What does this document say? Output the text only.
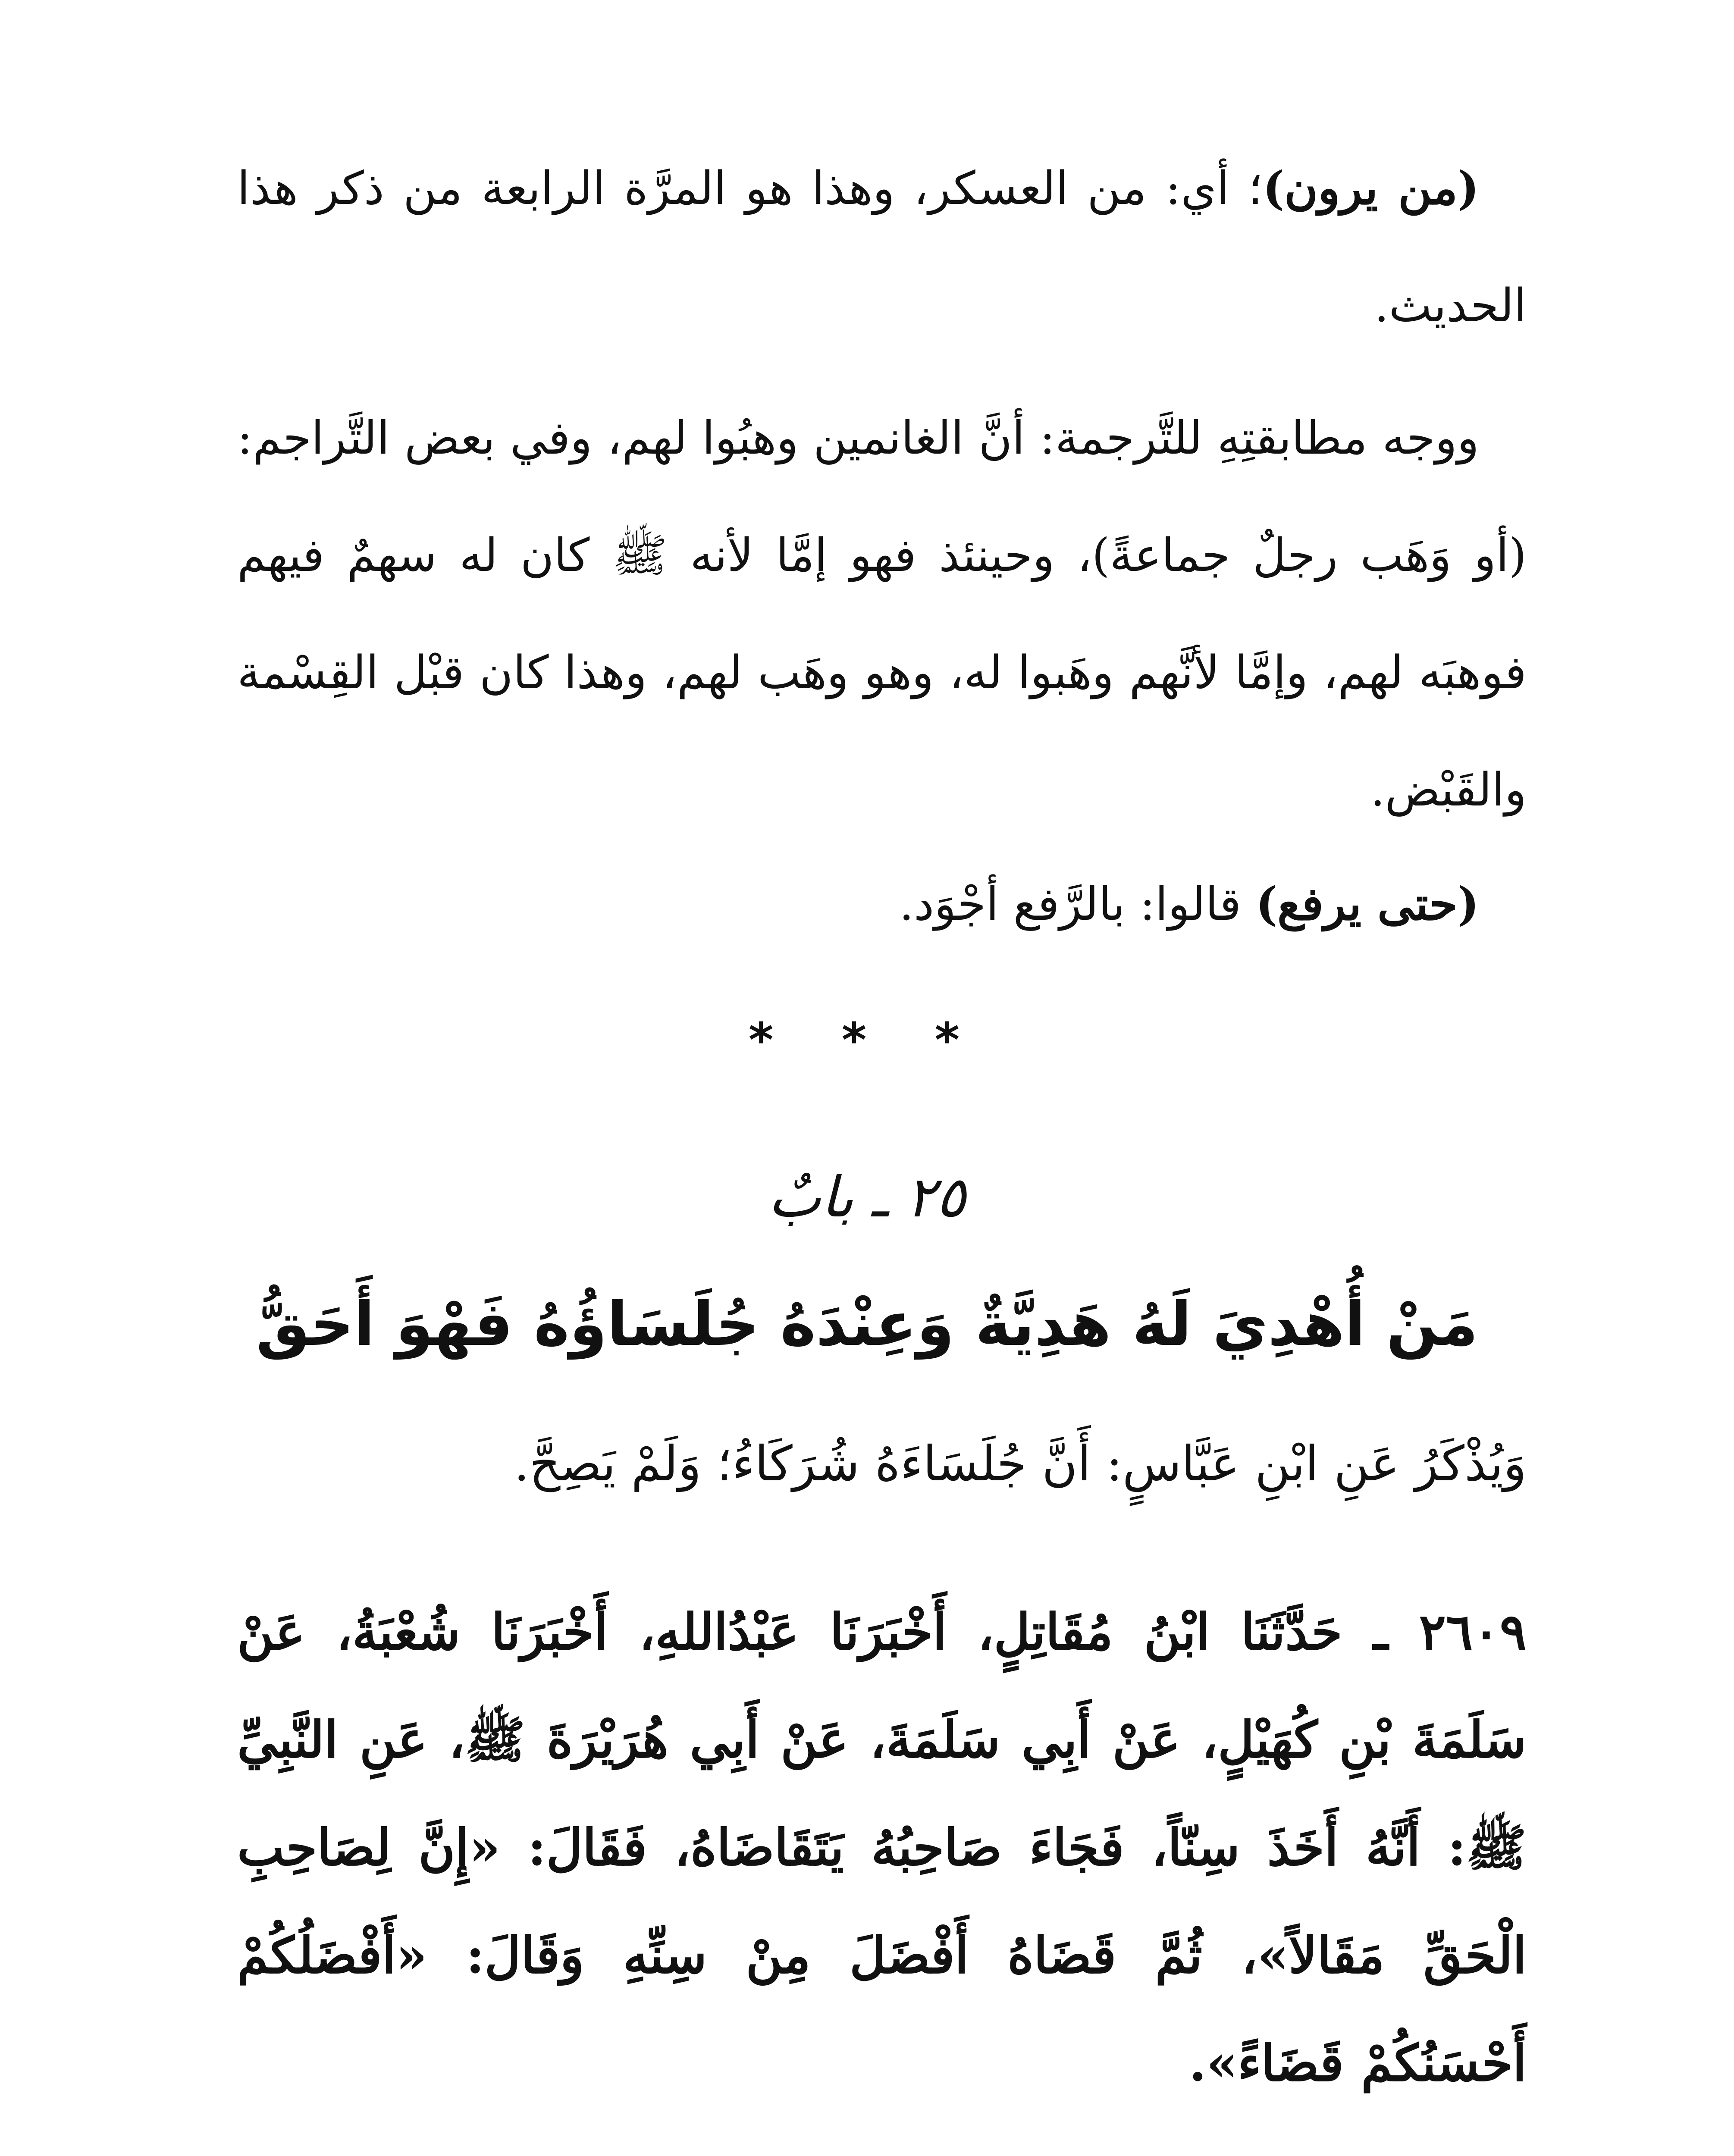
(من يرون)؛ أي: من العسكر، وهذا هو المرَّة الرابعة من ذكر هذا الحديث.

ووجه مطابقتِهِ للتَّرجمة: أنَّ الغانمين وهبُوا لهم، وفي بعض التَّراجم: (أو وَهَب رجلٌ جماعةً)، وحينئذ فهو إمَّا لأنه ﷺ كان له سهمٌ فيهم فوهبَه لهم، وإمَّا لأنَّهم وهَبوا له، وهو وهَب لهم، وهذا كان قبْل القِسْمة والقَبْض.

(حتى يرفع) قالوا: بالرَّفع أجْوَد.

* * *
٢٥ ـ بابٌ
مَنْ أُهْدِيَ لَهُ هَدِيَّةٌ وَعِنْدَهُ جُلَسَاؤُهُ فَهْوَ أَحَقُّ
وَيُذْكَرُ عَنِ ابْنِ عَبَّاسٍ: أَنَّ جُلَسَاءَهُ شُرَكَاءُ؛ وَلَمْ يَصِحَّ.

٢٦٠٩ ـ حَدَّثَنَا ابْنُ مُقَاتِلٍ، أَخْبَرَنَا عَبْدُاللهِ، أَخْبَرَنَا شُعْبَةُ، عَنْ سَلَمَةَ بْنِ كُهَيْلٍ، عَنْ أَبِي سَلَمَةَ، عَنْ أَبِي هُرَيْرَةَ ﷺ، عَنِ النَّبِيِّ ﷺ: أَنَّهُ أَخَذَ سِنّاً، فَجَاءَ صَاحِبُهُ يَتَقَاضَاهُ، فَقَالَ: «إِنَّ لِصَاحِبِ الْحَقِّ مَقَالاً»، ثُمَّ قَضَاهُ أَفْضَلَ مِنْ سِنِّهِ وَقَالَ: «أَفْضَلُكُمْ أَحْسَنُكُمْ قَضَاءً».
